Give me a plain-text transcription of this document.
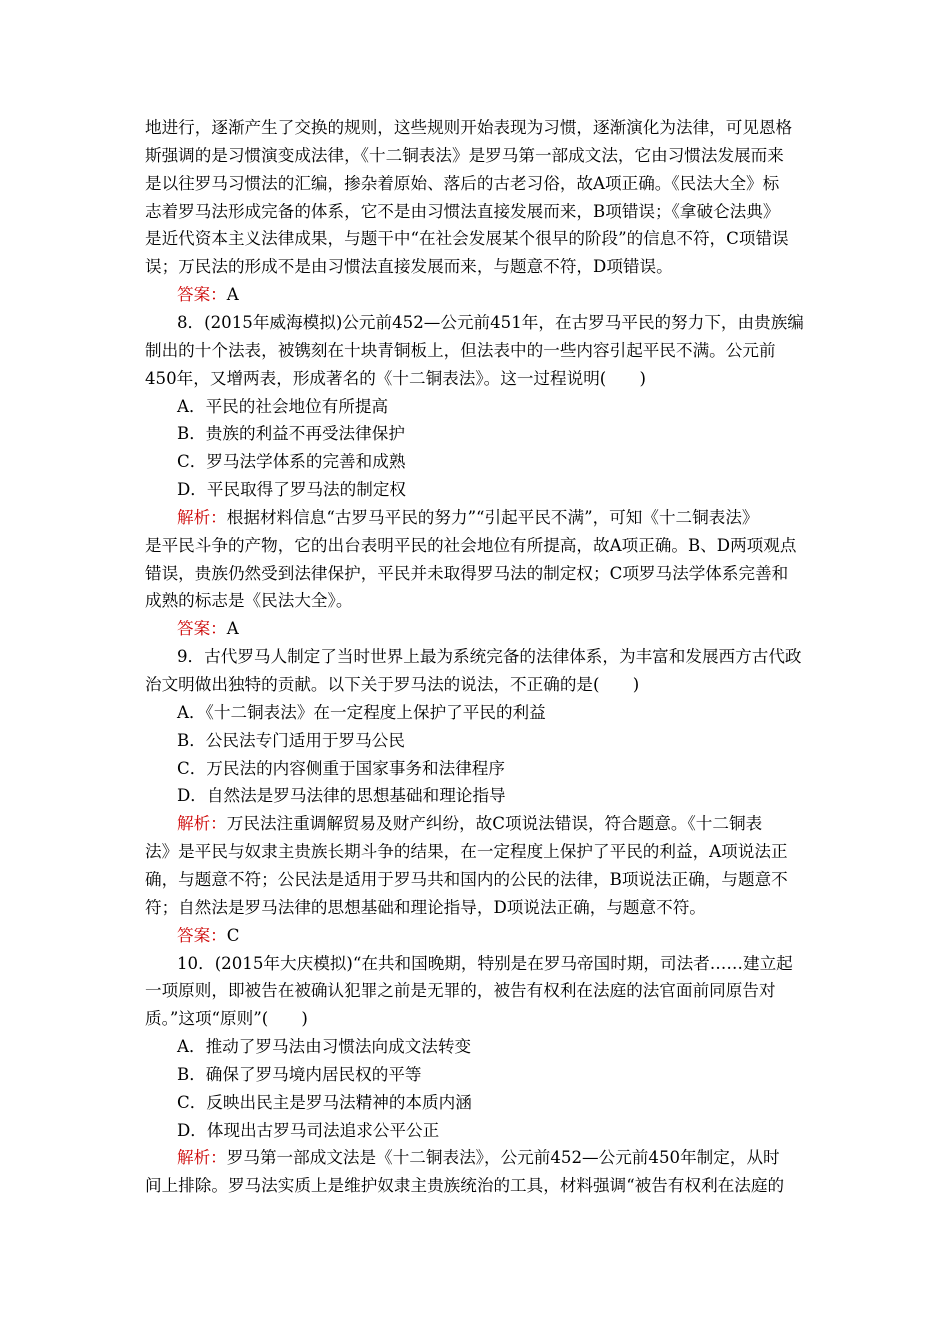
地进行，逐渐产生了交换的规则，这些规则开始表现为习惯，逐渐演化为法律，可见恩格
斯强调的是习惯演变成法律，《十二铜表法》是罗马第一部成文法，它由习惯法发展而来
是以往罗马习惯法的汇编，掺杂着原始、落后的古老习俗，故A项正确。《民法大全》标
志着罗马法形成完备的体系，它不是由习惯法直接发展而来，B项错误；《拿破仑法典》
是近代资本主义法律成果，与题干中“在社会发展某个很早的阶段”的信息不符，C项错误
误；万民法的形成不是由习惯法直接发展而来，与题意不符，D项错误。
答案：A
8．(2015年威海模拟)公元前452—公元前451年，在古罗马平民的努力下，由贵族编
制出的十个法表，被镌刻在十块青铜板上，但法表中的一些内容引起平民不满。公元前
450年，又增两表，形成著名的《十二铜表法》。这一过程说明(　　)
A．平民的社会地位有所提高
B．贵族的利益不再受法律保护
C．罗马法学体系的完善和成熟
D．平民取得了罗马法的制定权
解析：根据材料信息“古罗马平民的努力”“引起平民不满”，可知《十二铜表法》
是平民斗争的产物，它的出台表明平民的社会地位有所提高，故A项正确。B、D两项观点
错误，贵族仍然受到法律保护，平民并未取得罗马法的制定权；C项罗马法学体系完善和
成熟的标志是《民法大全》。
答案：A
9．古代罗马人制定了当时世界上最为系统完备的法律体系，为丰富和发展西方古代政
治文明做出独特的贡献。以下关于罗马法的说法，不正确的是(　　)
A．《十二铜表法》在一定程度上保护了平民的利益
B．公民法专门适用于罗马公民
C．万民法的内容侧重于国家事务和法律程序
D．自然法是罗马法律的思想基础和理论指导
解析：万民法注重调解贸易及财产纠纷，故C项说法错误，符合题意。《十二铜表
法》是平民与奴隶主贵族长期斗争的结果，在一定程度上保护了平民的利益，A项说法正
确，与题意不符；公民法是适用于罗马共和国内的公民的法律，B项说法正确，与题意不
符；自然法是罗马法律的思想基础和理论指导，D项说法正确，与题意不符。
答案：C
10．(2015年大庆模拟)“在共和国晚期，特别是在罗马帝国时期，司法者……建立起
一项原则，即被告在被确认犯罪之前是无罪的，被告有权利在法庭的法官面前同原告对
质。”这项“原则”(　　)
A．推动了罗马法由习惯法向成文法转变
B．确保了罗马境内居民权的平等
C．反映出民主是罗马法精神的本质内涵
D．体现出古罗马司法追求公平公正
解析：罗马第一部成文法是《十二铜表法》，公元前452—公元前450年制定，从时
间上排除。罗马法实质上是维护奴隶主贵族统治的工具，材料强调“被告有权利在法庭的
